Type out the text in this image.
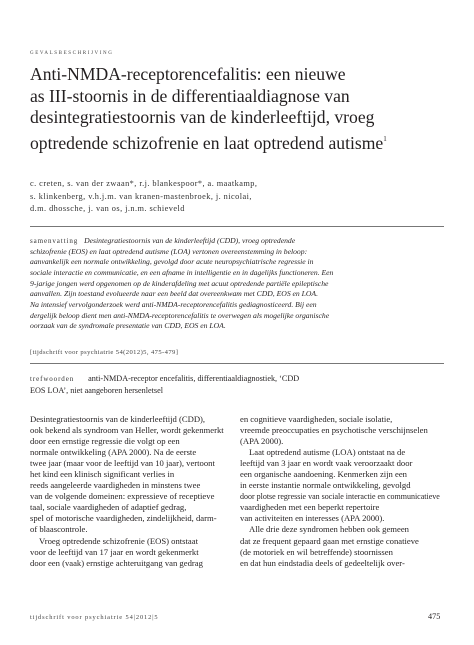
gevalsbeschrijving
Anti-NMDA-receptorencefalitis: een nieuwe
as III-stoornis in de differentiaaldiagnose van
desintegratiestoornis van de kinderleeftijd, vroeg
optredende schizofrenie en laat optredend autisme$^1$
c. creten, s. van der zwaan*, r.j. blankespoor*, a. maatkamp,
s. klinkenberg, v.h.j.m. van kranen-mastenbroek, j. nicolai,
d.m. dhossche, j. van os, j.n.m. schieveld
samenvatting Desintegratiestoornis van de kinderleeftijd (CDD), vroeg optredende
schizofrenie (EOS) en laat optredend autisme (LOA) vertonen overeenstemming in beloop:
aanvankelijk een normale ontwikkeling, gevolgd door acute neuropsychiatrische regressie in
sociale interactie en communicatie, en een afname in intelligentie en in dagelijks functioneren. Een
9-jarige jongen werd opgenomen op de kinderafdeling met acuut optredende partiële epileptische
aanvallen. Zijn toestand evolueerde naar een beeld dat overeenkwam met CDD, EOS en LOA.
Na intensief vervolgonderzoek werd anti-NMDA-receptorencefalitis gediagnosticeerd. Bij een
dergelijk beloop dient men anti-NMDA-receptorencefalitis te overwegen als mogelijke organische
oorzaak van de syndromale presentatie van CDD, EOS en LOA.
[tijdschrift voor psychiatrie 54(2012)5, 475-479]
trefwoorden anti-NMDA-receptor encefalitis, differentiaaldiagnostiek, ‘CDD
EOS LOA’, niet aangeboren hersenletsel
Desintegratiestoornis van de kinderleeftijd (CDD),
ook bekend als syndroom van Heller, wordt gekenmerkt
door een ernstige regressie die volgt op een
normale ontwikkeling (APA 2000). Na de eerste
twee jaar (maar voor de leeftijd van 10 jaar), vertoont
het kind een klinisch significant verlies in
reeds aangeleerde vaardigheden in minstens twee
van de volgende domeinen: expressieve of receptieve
taal, sociale vaardigheden of adaptief gedrag,
spel of motorische vaardigheden, zindelijkheid, darm-
of blaascontrole.
Vroeg optredende schizofrenie (EOS) ontstaat
voor de leeftijd van 17 jaar en wordt gekenmerkt
door een (vaak) ernstige achteruitgang van gedrag
en cognitieve vaardigheden, sociale isolatie,
vreemde preoccupaties en psychotische verschijnselen
(APA 2000).
Laat optredend autisme (LOA) ontstaat na de
leeftijd van 3 jaar en wordt vaak veroorzaakt door
een organische aandoening. Kenmerken zijn een
in eerste instantie normale ontwikkeling, gevolgd
door plotse regressie van sociale interactie en communicatieve
vaardigheden met een beperkt repertoire
van activiteiten en interesses (APA 2000).
Alle drie deze syndromen hebben ook gemeen
dat ze frequent gepaard gaan met ernstige conatieve
(de motoriek en wil betreffende) stoornissen
en dat hun eindstadia deels of gedeeltelijk over-
tijdschrift voor psychiatrie 54|2012|5	475
